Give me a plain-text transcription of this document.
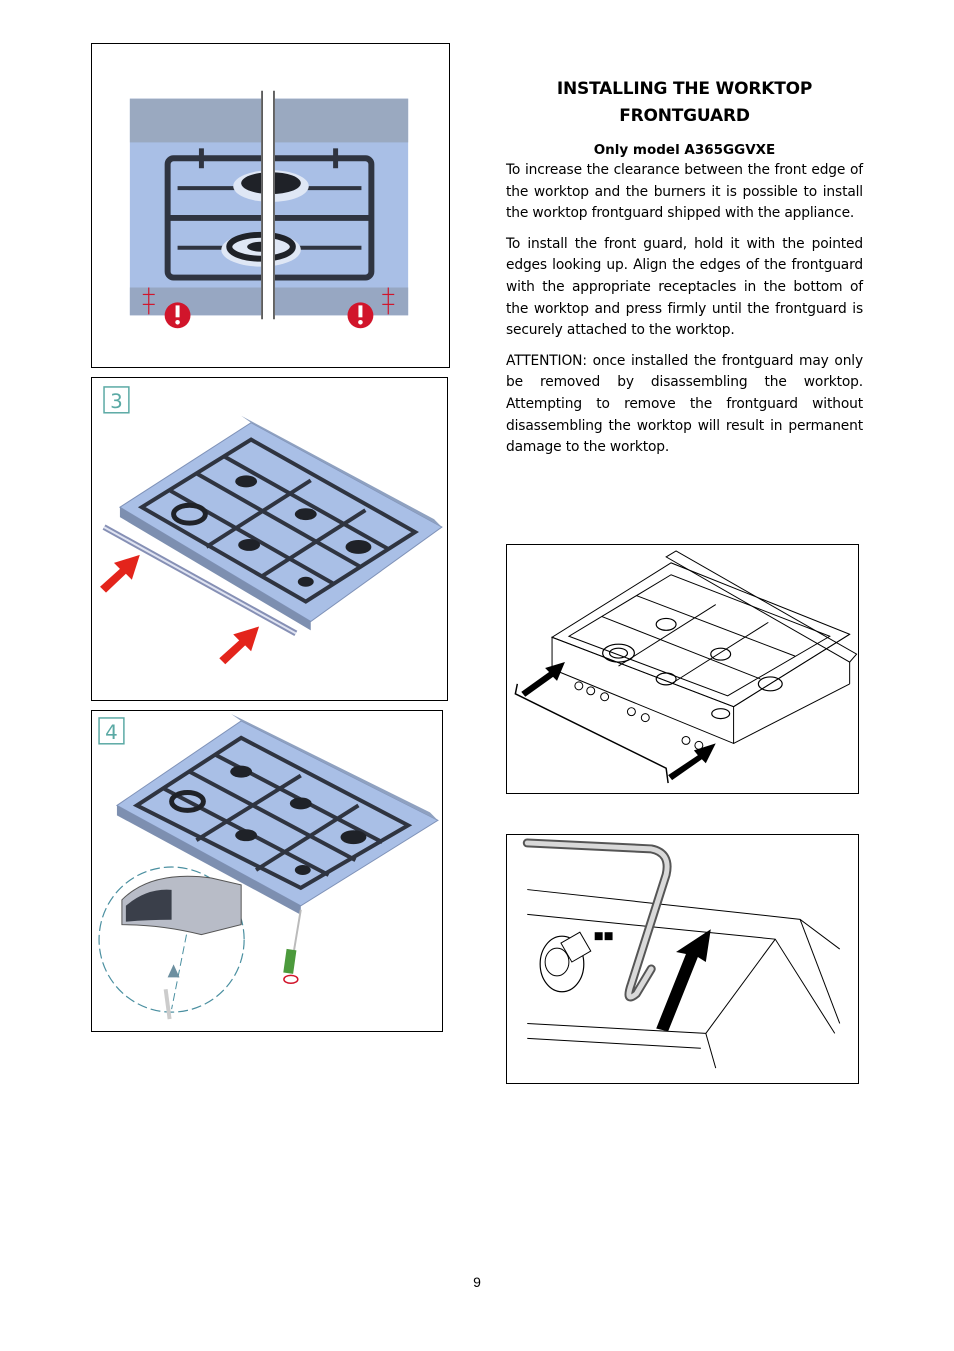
3
4

INSTALLING THE WORKTOP
FRONTGUARD

Only model A365GGVXE

To increase the clearance between the front edge of the worktop and the burners it is possible to install the worktop frontguard shipped with the appliance.

To install the front guard, hold it with the pointed edges looking up. Align the edges of the frontguard with the appropriate receptacles in the bottom of the worktop and press firmly until the frontguard is securely attached to the worktop.

ATTENTION: once installed the frontguard may only be removed by disassembling the worktop. Attempting to remove the frontguard without disassembling the worktop will result in permanent damage to the worktop.

9
